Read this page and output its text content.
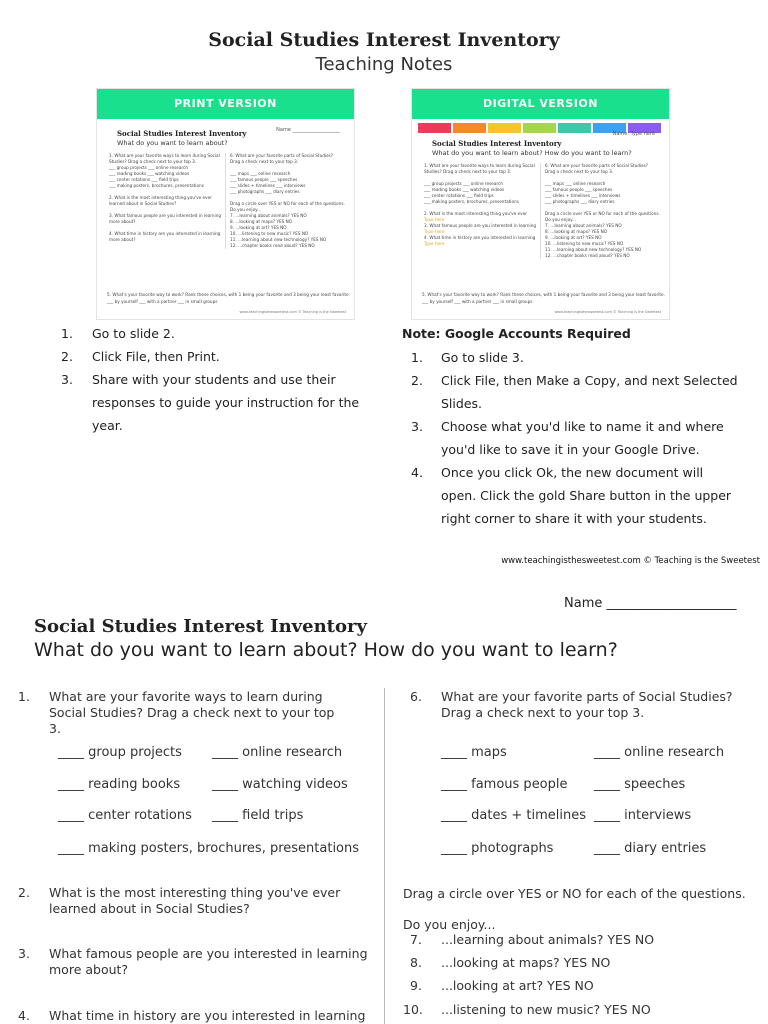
Social Studies Interest Inventory
Teaching Notes
PRINT VERSION
Name ___________________
Social Studies Interest Inventory
What do you want to learn about?
1. What are your favorite ways to learn during Social
Studies? Drag a check next to your top 3.
___ group projects ___ online research
___ reading books ___ watching videos
___ center rotations ___ field trips
___ making posters, brochures, presentations

2. What is the most interesting thing you've ever
learned about in Social Studies?

3. What famous people are you interested in learning
more about?

4. What time in history are you interested in learning
more about?
6. What are your favorite parts of Social Studies?
Drag a check next to your top 3.

___ maps ___ online research
___ famous people ___ speeches
___ slides + timelines ___ interviews
___ photographs ___ diary entries

Drag a circle over YES or NO for each of the questions.
Do you enjoy...
7. ...learning about animals? YES NO
8. ...looking at maps? YES NO
9. ...looking at art? YES NO
10. ...listening to new music? YES NO
11. ...learning about new technology? YES NO
12. ...chapter books read aloud? YES NO
5. What's your favorite way to work? Rank these choices, with 1 being your favorite and 3 being your least favorite.
___ by yourself ___ with a partner ___ in small groups
www.teachingisthesweetest.com © Teaching is the Sweetest
DIGITAL VERSION
Name: Type here
Social Studies Interest Inventory
What do you want to learn about? How do you want to learn?
1. What are your favorite ways to learn during Social
Studies? Drag a check next to your top 3.

___ group projects ___ online research
___ reading books ___ watching videos
___ center rotations ___ field trips
___ making posters, brochures, presentations

2. What is the most interesting thing you've ever
Type here
3. What famous people are you interested in learning
Type here
4. What time in history are you interested in learning
Type here
6. What are your favorite parts of Social Studies?
Drag a check next to your top 3.

___ maps ___ online research
___ famous people ___ speeches
___ slides + timelines ___ interviews
___ photographs ___ diary entries

Drag a circle over YES or NO for each of the questions.
Do you enjoy...
7. ...learning about animals? YES NO
8. ...looking at maps? YES NO
9. ...looking at art? YES NO
10. ...listening to new music? YES NO
11. ...learning about new technology? YES NO
12. ...chapter books read aloud? YES NO
5. What's your favorite way to work? Rank these choices, with 1 being your favorite and 3 being your least favorite.
___ by yourself ___ with a partner ___ in small groups
www.teachingisthesweetest.com © Teaching is the Sweetest
1.	Go to slide 2.
2.	Click File, then Print.
3.	Share with your students and use their responses to guide your instruction for the year.
Note: Google Accounts Required
1.	Go to slide 3.
2.	Click File, then Make a Copy, and next Selected Slides.
3.	Choose what you'd like to name it and where you'd like to save it in your Google Drive.
4.	Once you click Ok, the new document will open. Click the gold Share button in the upper right corner to share it with your students.
www.teachingisthesweetest.com © Teaching is the Sweetest
Name ____________________
Social Studies Interest Inventory
What do you want to learn about? How do you want to learn?
1. What are your favorite ways to learn during Social Studies? Drag a check next to your top 3.
____ group projects ____ online research
____ reading books ____ watching videos
____ center rotations ____ field trips
____ making posters, brochures, presentations
2. What is the most interesting thing you've ever learned about in Social Studies?
3. What famous people are you interested in learning more about?
4. What time in history are you interested in learning
6. What are your favorite parts of Social Studies? Drag a check next to your top 3.
____ maps	____ online research
____ famous people ____ speeches
____ dates + timelines ____ interviews
____ photographs	____ diary entries
Drag a circle over YES or NO for each of the questions.
Do you enjoy...
7. ...learning about animals? YES NO
8. ...looking at maps? YES NO
9. ...looking at art? YES NO
10. ...listening to new music? YES NO
